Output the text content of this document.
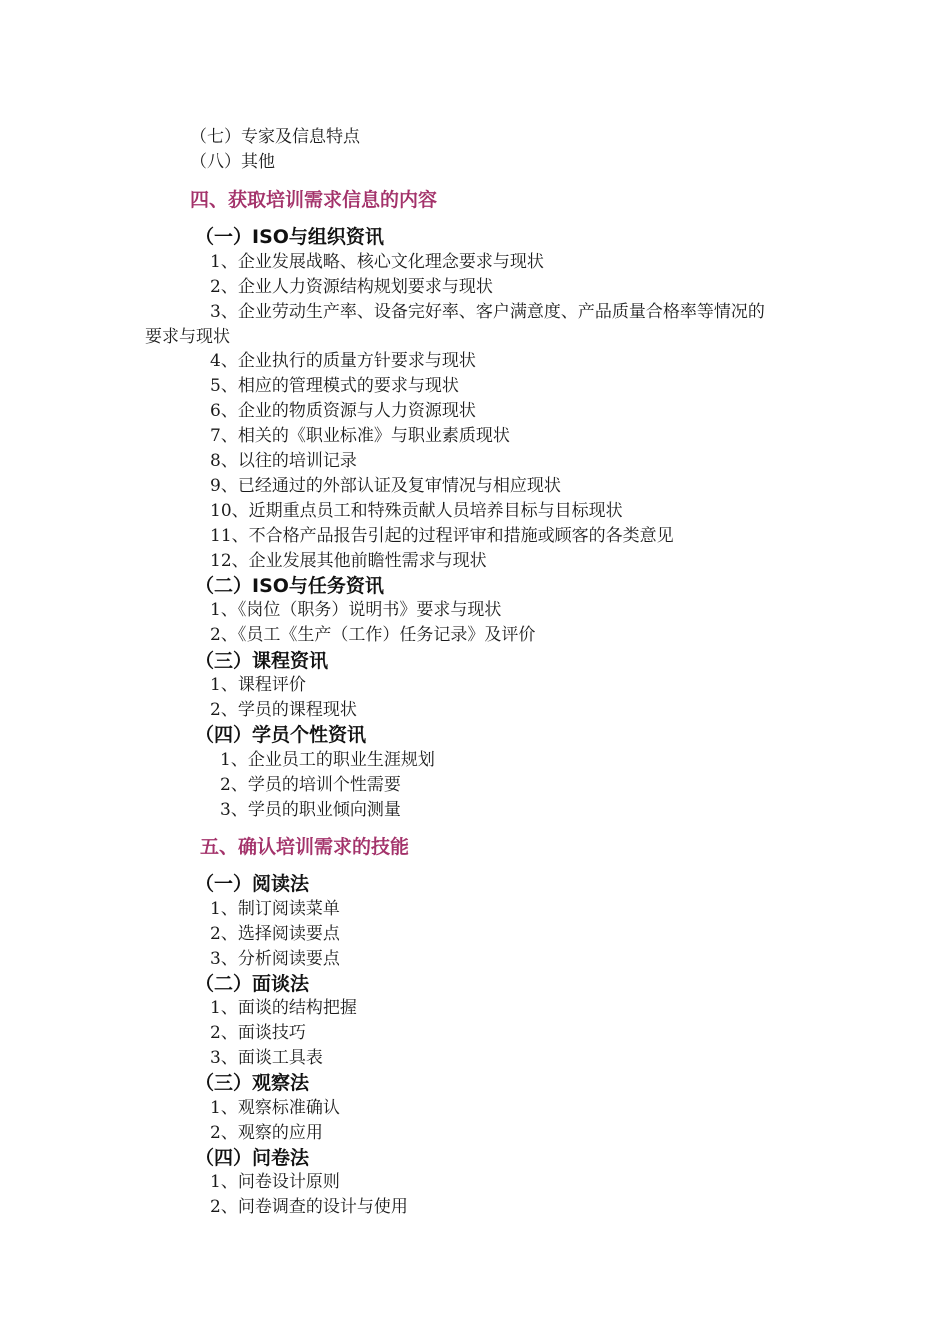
（七）专家及信息特点
（八）其他
四、获取培训需求信息的内容
（一）ISO与组织资讯
1、企业发展战略、核心文化理念要求与现状
2、企业人力资源结构规划要求与现状
3、企业劳动生产率、设备完好率、客户满意度、产品质量合格率等情况的
要求与现状
4、企业执行的质量方针要求与现状
5、相应的管理模式的要求与现状
6、企业的物质资源与人力资源现状
7、相关的《职业标准》与职业素质现状
8、以往的培训记录
9、已经通过的外部认证及复审情况与相应现状
10、近期重点员工和特殊贡献人员培养目标与目标现状
11、不合格产品报告引起的过程评审和措施或顾客的各类意见
12、企业发展其他前瞻性需求与现状
（二）ISO与任务资讯
1、《岗位（职务）说明书》要求与现状
2、《员工《生产（工作）任务记录》及评价
（三）课程资讯
1、课程评价
2、学员的课程现状
（四）学员个性资讯
1、企业员工的职业生涯规划
2、学员的培训个性需要
3、学员的职业倾向测量
五、确认培训需求的技能
（一）阅读法
1、制订阅读菜单
2、选择阅读要点
3、分析阅读要点
（二）面谈法
1、面谈的结构把握
2、面谈技巧
3、面谈工具表
（三）观察法
1、观察标准确认
2、观察的应用
（四）问卷法
1、问卷设计原则
2、问卷调查的设计与使用
